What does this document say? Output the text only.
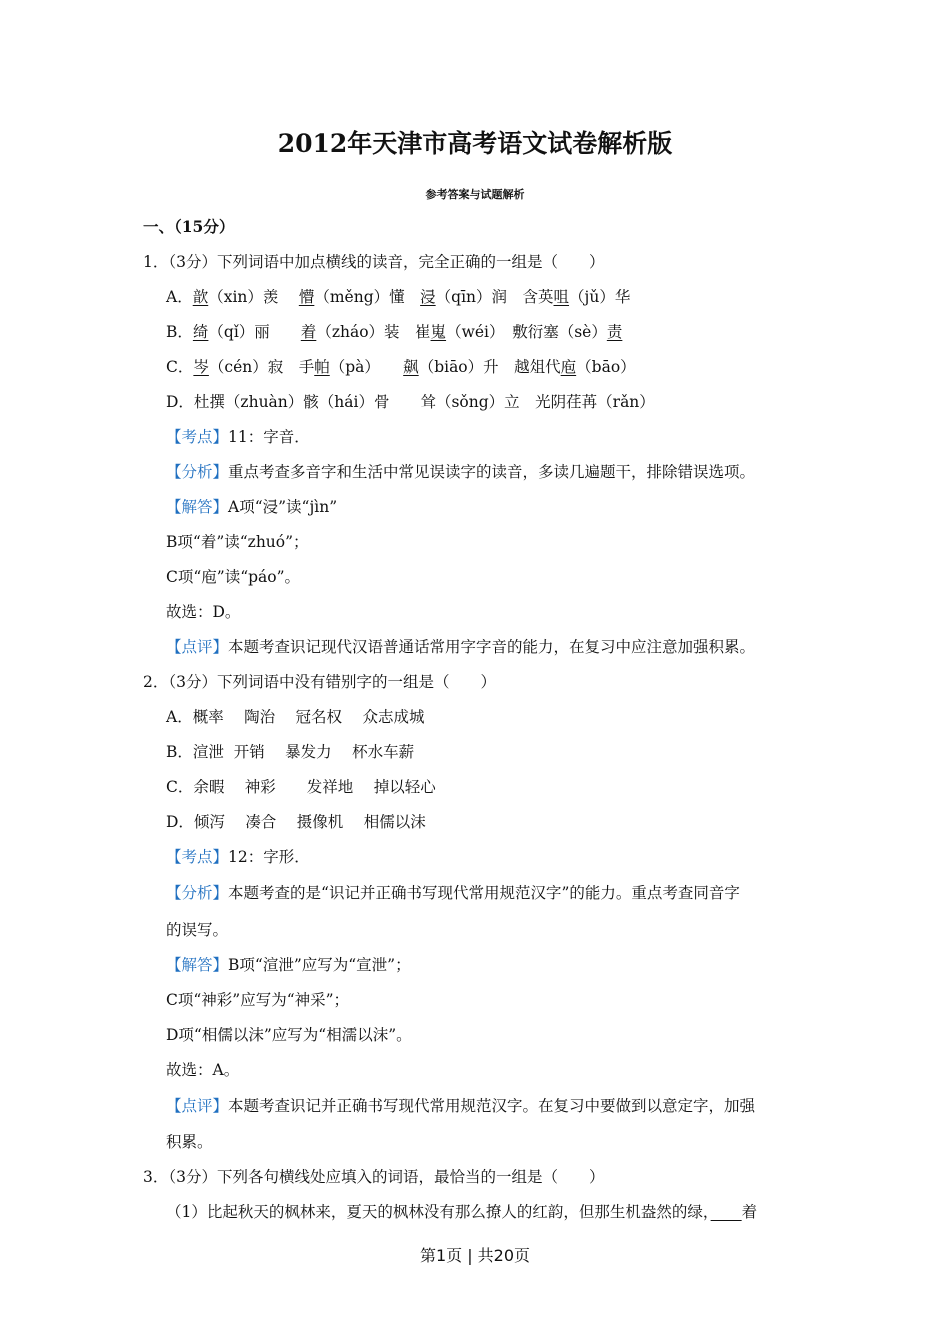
2012年天津市高考语文试卷解析版
参考答案与试题解析
一、（15分）
1．（3分）下列词语中加点横线的读音，完全正确的一组是（　　）
A．歆（xin）羡　 懵（měng）懂　浸（qīn）润　含英咀（jǔ）华
B．绮（qǐ）丽　　着（zháo）装　崔嵬（wéi）　敷衍塞（sè）责
C．岑（cén）寂　手帕（pà）　　飙（biāo）升　越俎代庖（bāo）
D．杜撰（zhuàn）骸（hái）骨　　耸（sǒng）立　光阴荏苒（rǎn）
【考点】11：字音．
【分析】重点考查多音字和生活中常见误读字的读音，多读几遍题干，排除错误选项。
【解答】A项“浸”读“jìn”
B项“着”读“zhuó”；
C项“庖”读“páo”。
故选：D。
【点评】本题考查识记现代汉语普通话常用字字音的能力，在复习中应注意加强积累。
2．（3分）下列词语中没有错别字的一组是（　　）
A．概率　 陶治　 冠名权　 众志成城
B．渲泄  开销　 暴发力　 杯水车薪
C．余暇　 神彩　　发祥地　 掉以轻心
D．倾泻　 凑合　 摄像机　 相儒以沫
【考点】12：字形．
【分析】本题考查的是“识记并正确书写现代常用规范汉字”的能力。重点考查同音字
的误写。
【解答】B项“渲泄”应写为“宣泄”；
C项“神彩”应写为“神采”；
D项“相儒以沫”应写为“相濡以沫”。
故选：A。
【点评】本题考查识记并正确书写现代常用规范汉字。在复习中要做到以意定字，加强
积累。
3．（3分）下列各句横线处应填入的词语，最恰当的一组是（　　）
（1）比起秋天的枫林来，夏天的枫林没有那么撩人的红韵，但那生机盎然的绿，　　 着
第1页 | 共20页
